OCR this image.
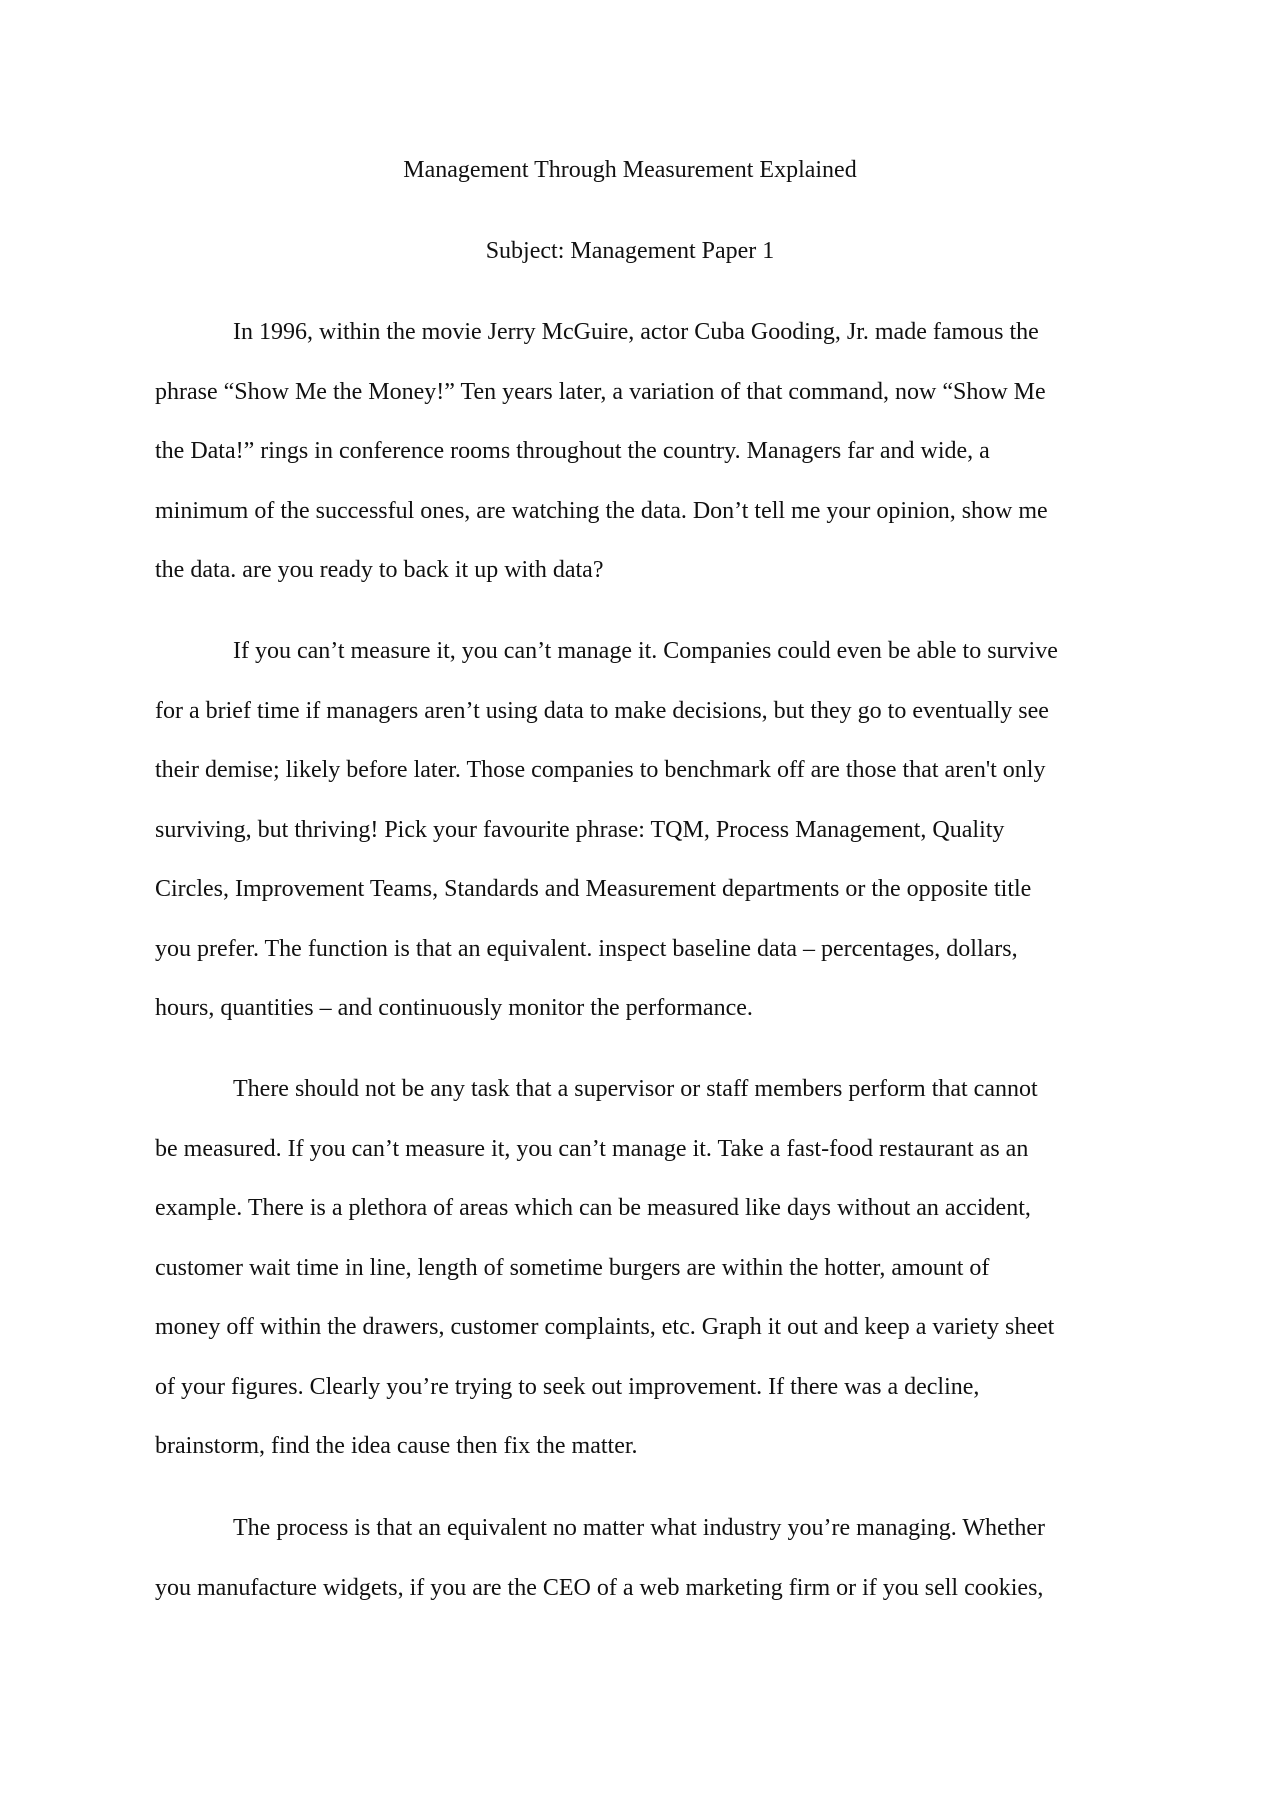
Management Through Measurement Explained
Subject: Management Paper 1
In 1996, within the movie Jerry McGuire, actor Cuba Gooding, Jr. made famous the
phrase “Show Me the Money!” Ten years later, a variation of that command, now “Show Me
the Data!” rings in conference rooms throughout the country. Managers far and wide, a
minimum of the successful ones, are watching the data. Don’t tell me your opinion, show me
the data. are you ready to back it up with data?
If you can’t measure it, you can’t manage it. Companies could even be able to survive
for a brief time if managers aren’t using data to make decisions, but they go to eventually see
their demise; likely before later. Those companies to benchmark off are those that aren't only
surviving, but thriving! Pick your favourite phrase: TQM, Process Management, Quality
Circles, Improvement Teams, Standards and Measurement departments or the opposite title
you prefer. The function is that an equivalent. inspect baseline data – percentages, dollars,
hours, quantities – and continuously monitor the performance.
There should not be any task that a supervisor or staff members perform that cannot
be measured. If you can’t measure it, you can’t manage it. Take a fast-food restaurant as an
example. There is a plethora of areas which can be measured like days without an accident,
customer wait time in line, length of sometime burgers are within the hotter, amount of
money off within the drawers, customer complaints, etc. Graph it out and keep a variety sheet
of your figures. Clearly you’re trying to seek out improvement. If there was a decline,
brainstorm, find the idea cause then fix the matter.
The process is that an equivalent no matter what industry you’re managing. Whether
you manufacture widgets, if you are the CEO of a web marketing firm or if you sell cookies,
